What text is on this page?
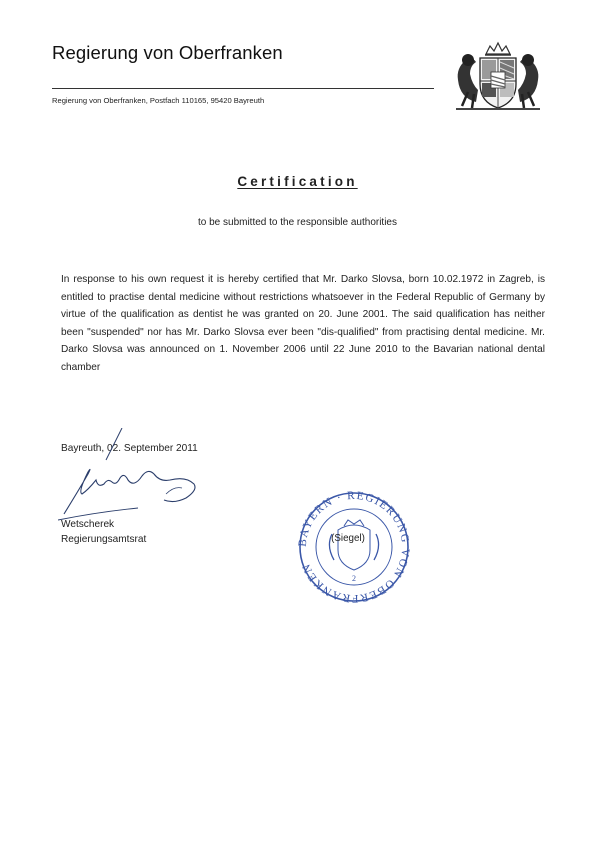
Regierung von Oberfranken
Regierung von Oberfranken, Postfach 110165, 95420 Bayreuth
Certification
to be submitted to the responsible authorities

In response to his own request it is hereby certified that Mr. Darko Slovsa, born 10.02.1972 in Zagreb, is entitled to practise dental medicine without restrictions whatsoever in the Federal Republic of Germany by virtue of the qualification as dentist he was granted on 20. June 2001. The said qualification has neither been "suspended" nor has Mr. Darko Slovsa ever been "dis-qualified" from practising dental medicine. Mr. Darko Slovsa was announced on 1. November 2006 until 22 June 2010 to the Bavarian national dental chamber

Bayreuth, 02. September 2011
Wetscherek
Regierungsamtsrat	BAYERN · REGIERUNG VON OBERFRANKEN
2
(Siegel)
